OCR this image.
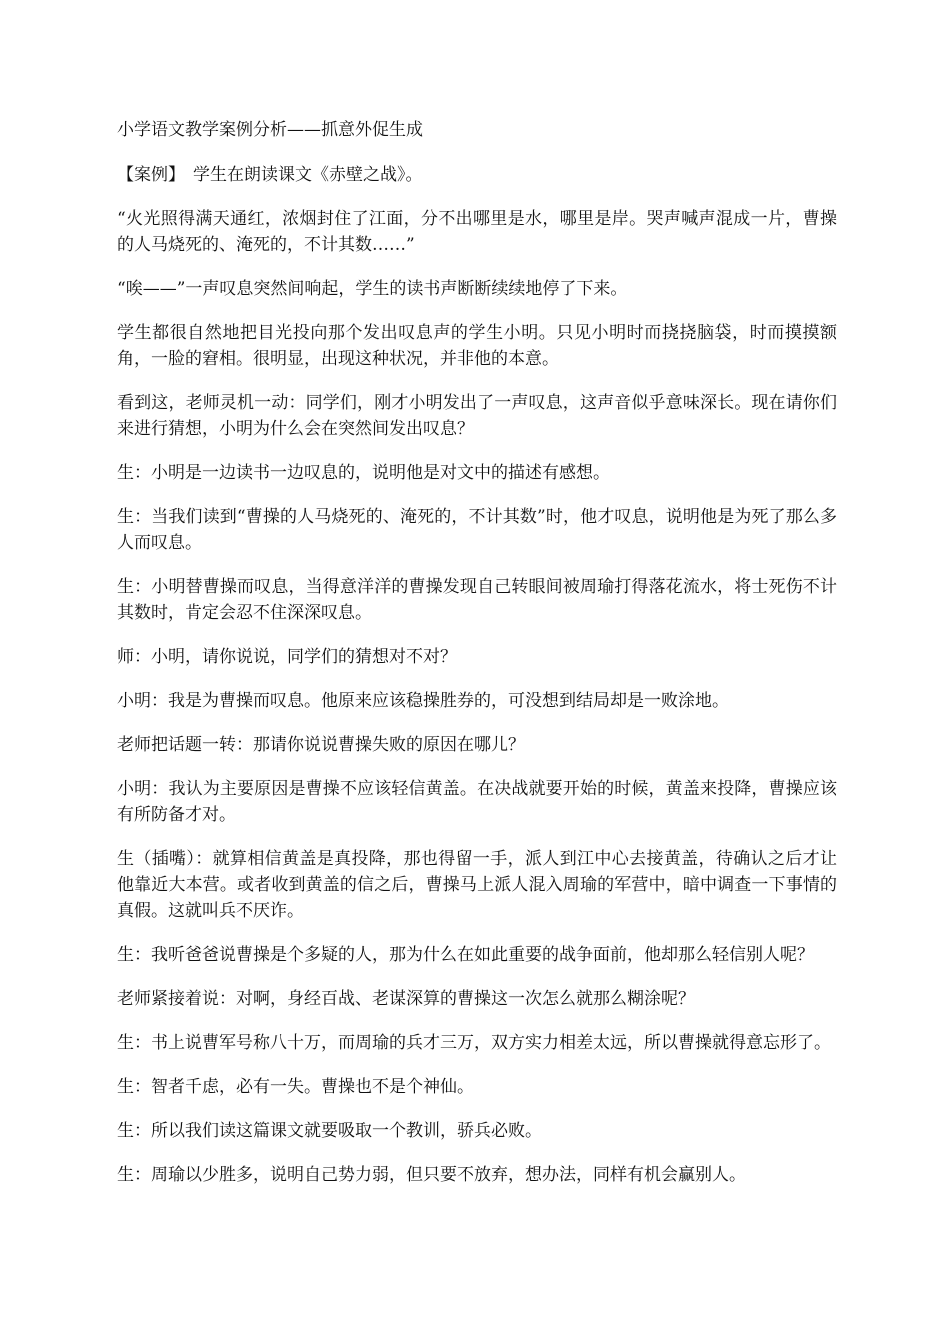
小学语文教学案例分析——抓意外促生成

【案例】 学生在朗读课文《赤壁之战》。

“火光照得满天通红，浓烟封住了江面，分不出哪里是水，哪里是岸。哭声喊声混成一片，曹操的人马烧死的、淹死的，不计其数……”

“唉——”一声叹息突然间响起，学生的读书声断断续续地停了下来。

学生都很自然地把目光投向那个发出叹息声的学生小明。只见小明时而挠挠脑袋，时而摸摸额角，一脸的窘相。很明显，出现这种状况，并非他的本意。

看到这，老师灵机一动：同学们，刚才小明发出了一声叹息，这声音似乎意味深长。现在请你们来进行猜想，小明为什么会在突然间发出叹息？

生：小明是一边读书一边叹息的，说明他是对文中的描述有感想。

生：当我们读到“曹操的人马烧死的、淹死的，不计其数”时，他才叹息，说明他是为死了那么多人而叹息。

生：小明替曹操而叹息，当得意洋洋的曹操发现自己转眼间被周瑜打得落花流水，将士死伤不计其数时，肯定会忍不住深深叹息。

师：小明，请你说说，同学们的猜想对不对？

小明：我是为曹操而叹息。他原来应该稳操胜券的，可没想到结局却是一败涂地。

老师把话题一转：那请你说说曹操失败的原因在哪儿？

小明：我认为主要原因是曹操不应该轻信黄盖。在决战就要开始的时候，黄盖来投降，曹操应该有所防备才对。

生（插嘴）：就算相信黄盖是真投降，那也得留一手，派人到江中心去接黄盖，待确认之后才让他靠近大本营。或者收到黄盖的信之后，曹操马上派人混入周瑜的军营中，暗中调查一下事情的真假。这就叫兵不厌诈。

生：我听爸爸说曹操是个多疑的人，那为什么在如此重要的战争面前，他却那么轻信别人呢？

老师紧接着说：对啊，身经百战、老谋深算的曹操这一次怎么就那么糊涂呢？

生：书上说曹军号称八十万，而周瑜的兵才三万，双方实力相差太远，所以曹操就得意忘形了。

生：智者千虑，必有一失。曹操也不是个神仙。

生：所以我们读这篇课文就要吸取一个教训，骄兵必败。

生：周瑜以少胜多，说明自己势力弱，但只要不放弃，想办法，同样有机会赢别人。
